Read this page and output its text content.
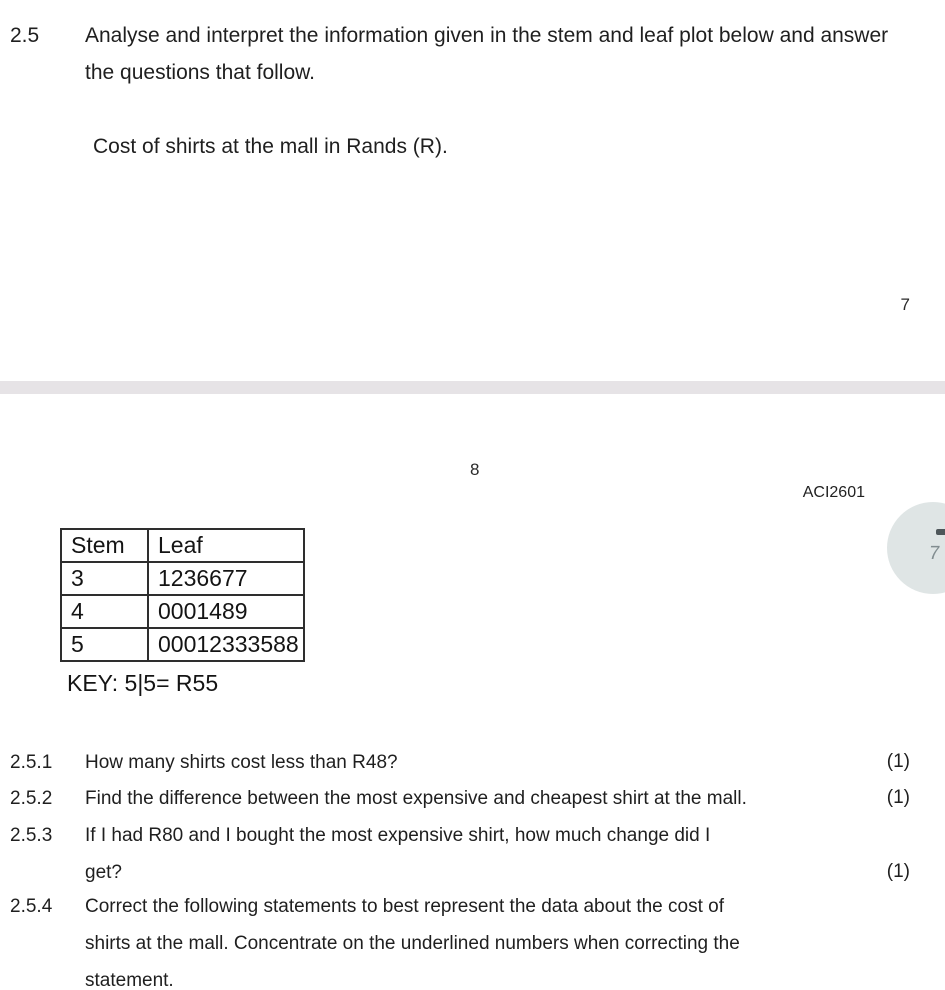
2.5 Analyse and interpret the information given in the stem and leaf plot below and answer
the questions that follow.
Cost of shirts at the mall in Rands (R).
7
8
ACI2601
7
Stem	Leaf
3	1236677
4	0001489
5	00012333588
KEY: 5|5= R55
2.5.1 How many shirts cost less than R48?	(1)
2.5.2 Find the difference between the most expensive and cheapest shirt at the mall.	(1)
2.5.3 If I had R80 and I bought the most expensive shirt, how much change did I
get?	(1)
2.5.4 Correct the following statements to best represent the data about the cost of
shirts at the mall. Concentrate on the underlined numbers when correcting the
statement.
